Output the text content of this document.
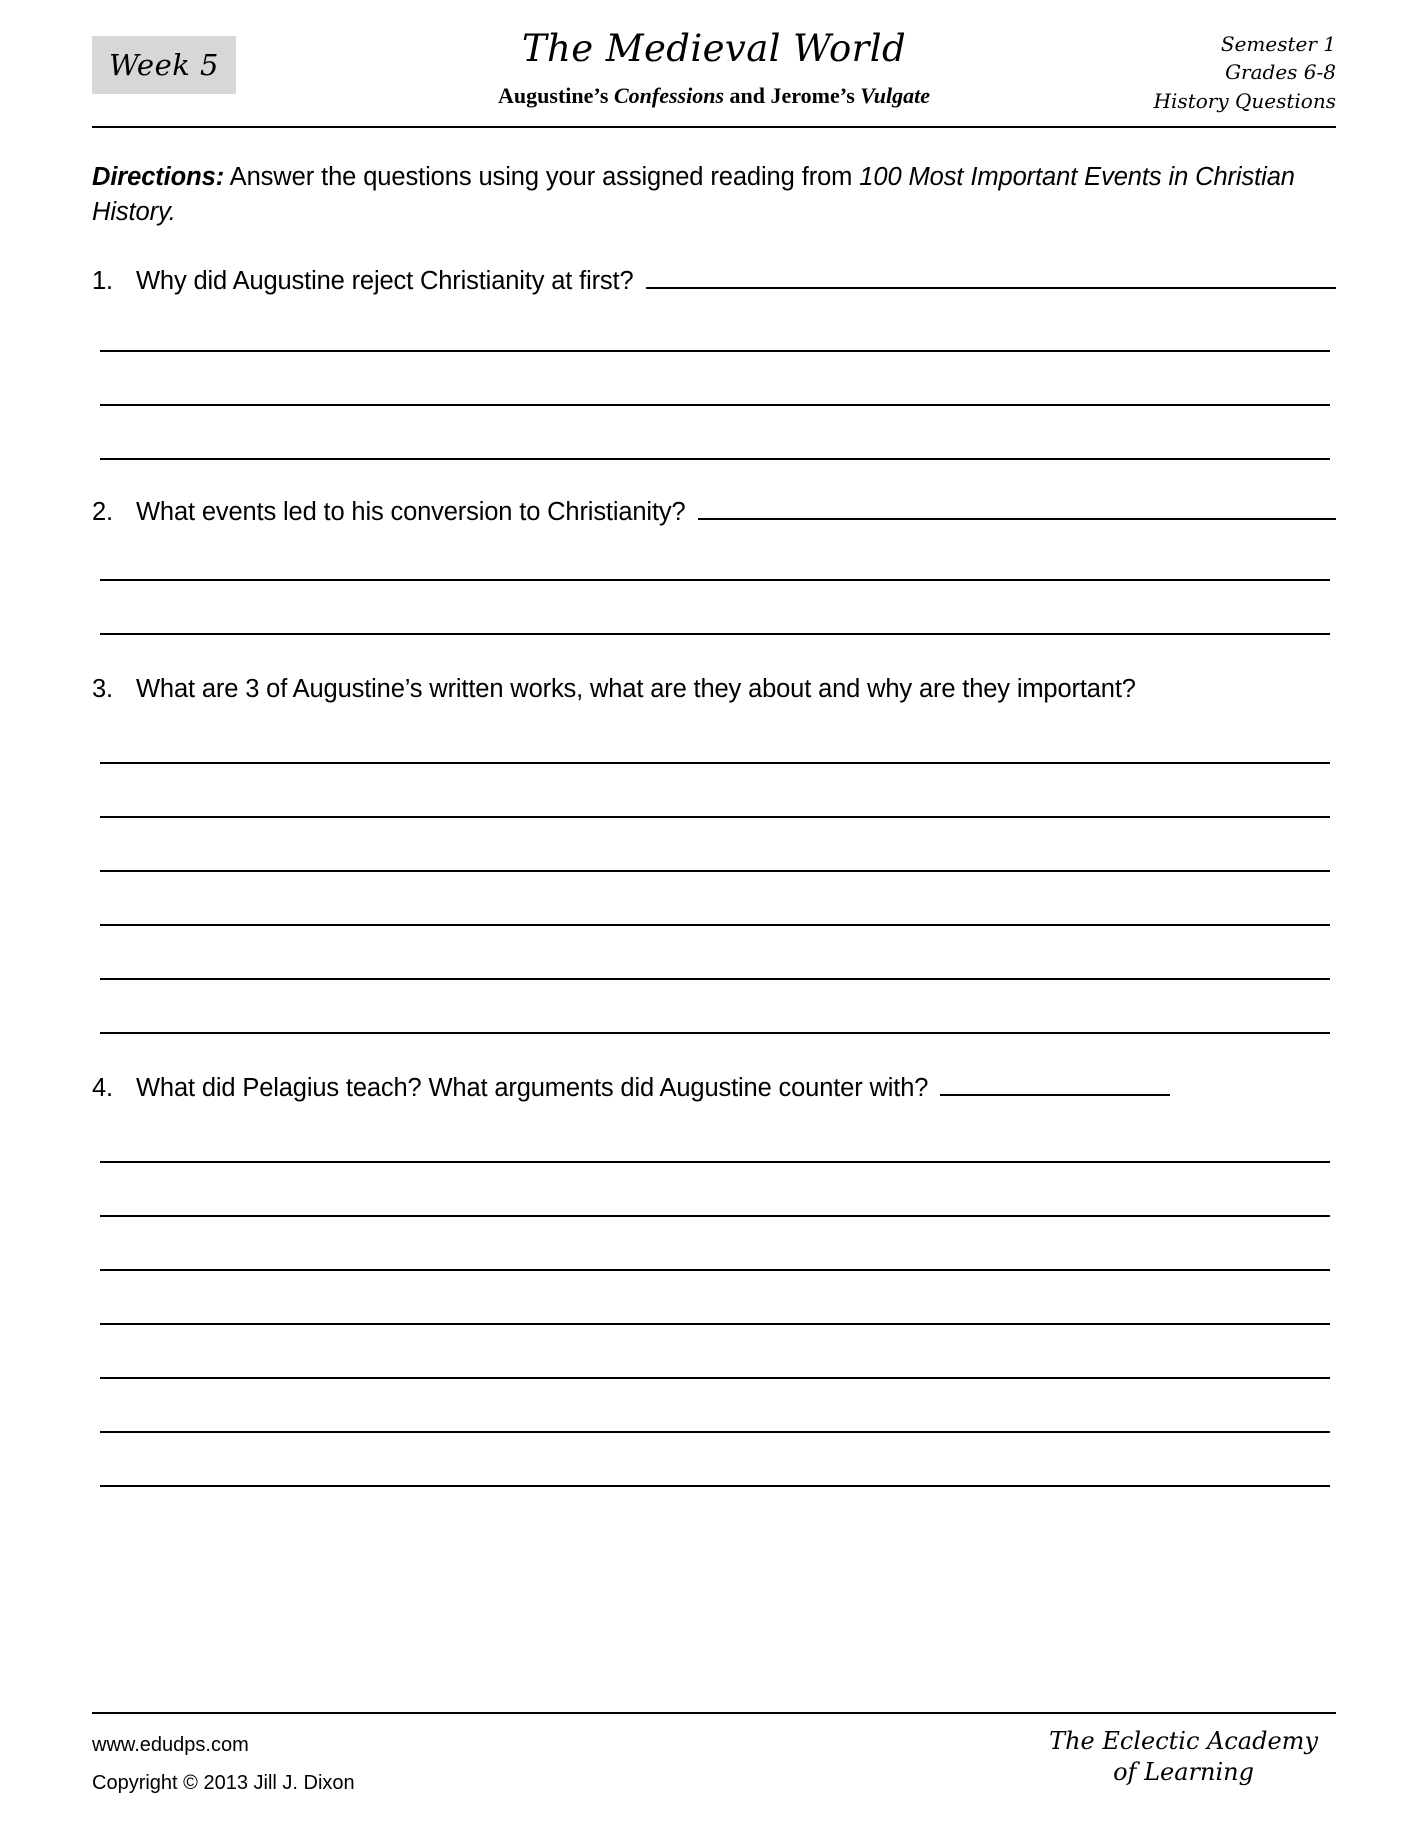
Week 5	The Medieval World
Augustine’s Confessions and Jerome’s Vulgate
Semester 1
Grades 6-8
History Questions
Directions: Answer the questions using your assigned reading from 100 Most Important Events in Christian History.
1. Why did Augustine reject Christianity at first?
2. What events led to his conversion to Christianity?
3. What are 3 of Augustine’s written works, what are they about and why are they important?
4. What did Pelagius teach? What arguments did Augustine counter with?
www.edudps.com
Copyright © 2013 Jill J. Dixon
The Eclectic Academy
of Learning
